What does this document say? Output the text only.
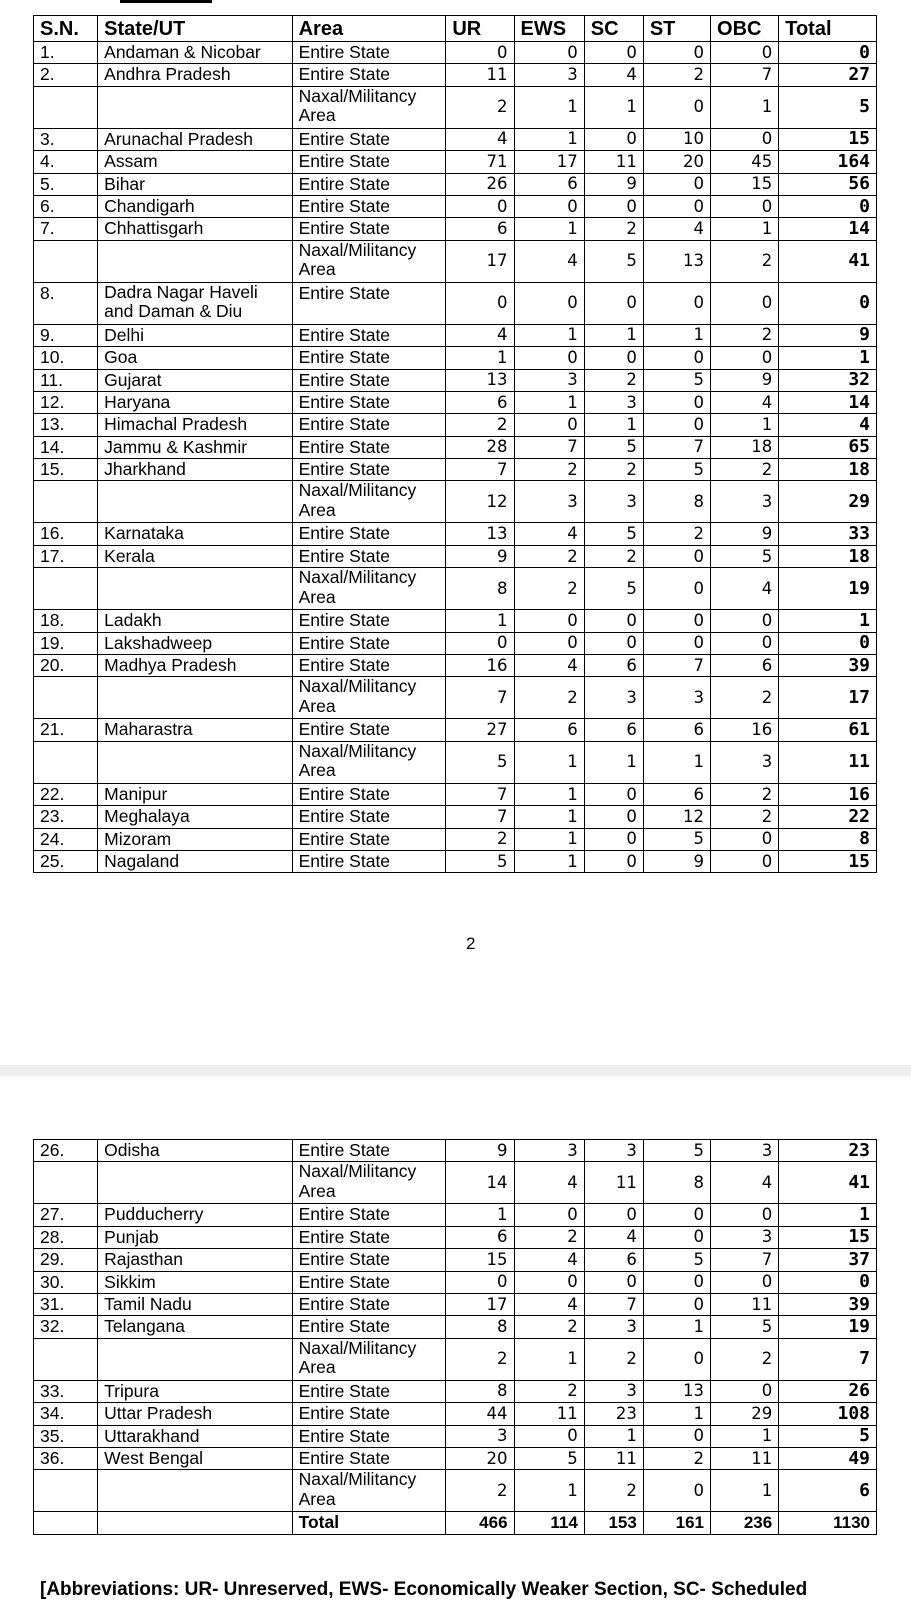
S.N.	State/UT	Area	UR	EWS	SC	ST	OBC	Total
1.	Andaman & Nicobar	Entire State	0	0	0	0	0	0
2.	Andhra Pradesh	Entire State	11	3	4	2	7	27
		Naxal/Militancy Area	2	1	1	0	1	5
3.	Arunachal Pradesh	Entire State	4	1	0	10	0	15
4.	Assam	Entire State	71	17	11	20	45	164
5.	Bihar	Entire State	26	6	9	0	15	56
6.	Chandigarh	Entire State	0	0	0	0	0	0
7.	Chhattisgarh	Entire State	6	1	2	4	1	14
		Naxal/Militancy Area	17	4	5	13	2	41
8.	Dadra Nagar Haveli and Daman & Diu	Entire State	0	0	0	0	0	0
9.	Delhi	Entire State	4	1	1	1	2	9
10.	Goa	Entire State	1	0	0	0	0	1
11.	Gujarat	Entire State	13	3	2	5	9	32
12.	Haryana	Entire State	6	1	3	0	4	14
13.	Himachal Pradesh	Entire State	2	0	1	0	1	4
14.	Jammu & Kashmir	Entire State	28	7	5	7	18	65
15.	Jharkhand	Entire State	7	2	2	5	2	18
		Naxal/Militancy Area	12	3	3	8	3	29
16.	Karnataka	Entire State	13	4	5	2	9	33
17.	Kerala	Entire State	9	2	2	0	5	18
		Naxal/Militancy Area	8	2	5	0	4	19
18.	Ladakh	Entire State	1	0	0	0	0	1
19.	Lakshadweep	Entire State	0	0	0	0	0	0
20.	Madhya Pradesh	Entire State	16	4	6	7	6	39
		Naxal/Militancy Area	7	2	3	3	2	17
21.	Maharastra	Entire State	27	6	6	6	16	61
		Naxal/Militancy Area	5	1	1	1	3	11
22.	Manipur	Entire State	7	1	0	6	2	16
23.	Meghalaya	Entire State	7	1	0	12	2	22
24.	Mizoram	Entire State	2	1	0	5	0	8
25.	Nagaland	Entire State	5	1	0	9	0	15
2
26.	Odisha	Entire State	9	3	3	5	3	23
		Naxal/Militancy Area	14	4	11	8	4	41
27.	Pudducherry	Entire State	1	0	0	0	0	1
28.	Punjab	Entire State	6	2	4	0	3	15
29.	Rajasthan	Entire State	15	4	6	5	7	37
30.	Sikkim	Entire State	0	0	0	0	0	0
31.	Tamil Nadu	Entire State	17	4	7	0	11	39
32.	Telangana	Entire State	8	2	3	1	5	19
		Naxal/Militancy Area	2	1	2	0	2	7
33.	Tripura	Entire State	8	2	3	13	0	26
34.	Uttar Pradesh	Entire State	44	11	23	1	29	108
35.	Uttarakhand	Entire State	3	0	1	0	1	5
36.	West Bengal	Entire State	20	5	11	2	11	49
		Naxal/Militancy Area	2	1	2	0	1	6
		Total	466	114	153	161	236	1130
[Abbreviations: UR- Unreserved, EWS- Economically Weaker Section, SC- Scheduled
